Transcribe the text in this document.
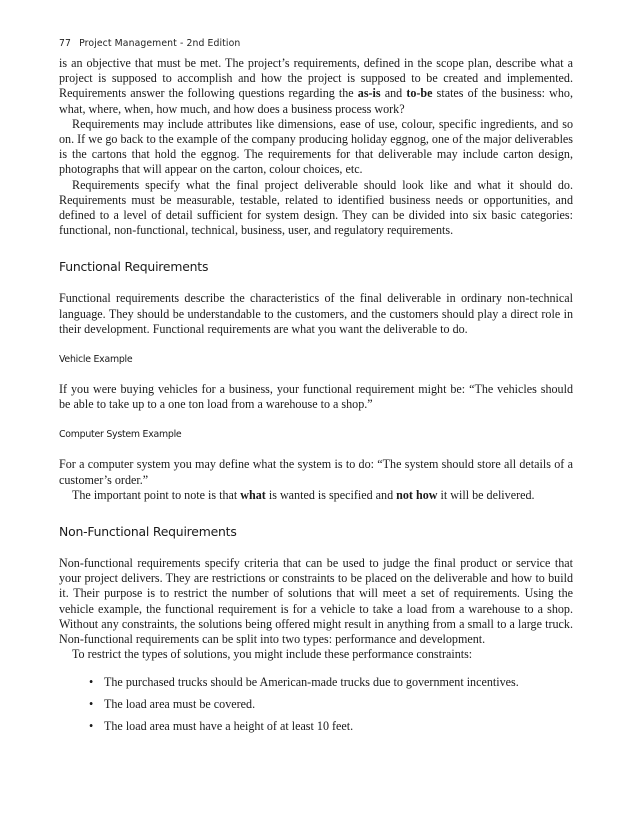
77 Project Management - 2nd Edition

is an objective that must be met. The project’s requirements, defined in the scope plan, describe what a project is supposed to accomplish and how the project is supposed to be created and implemented. Requirements answer the following questions regarding the as-is and to-be states of the business: who, what, where, when, how much, and how does a business process work?

Requirements may include attributes like dimensions, ease of use, colour, specific ingredients, and so on. If we go back to the example of the company producing holiday eggnog, one of the major deliverables is the cartons that hold the eggnog. The requirements for that deliverable may include carton design, photographs that will appear on the carton, colour choices, etc.

Requirements specify what the final project deliverable should look like and what it should do. Requirements must be measurable, testable, related to identified business needs or opportunities, and defined to a level of detail sufficient for system design. They can be divided into six basic categories: functional, non-functional, technical, business, user, and regulatory requirements.

Functional Requirements

Functional requirements describe the characteristics of the final deliverable in ordinary non-technical language. They should be understandable to the customers, and the customers should play a direct role in their development. Functional requirements are what you want the deliverable to do.

Vehicle Example

If you were buying vehicles for a business, your functional requirement might be: “The vehicles should be able to take up to a one ton load from a warehouse to a shop.”

Computer System Example

For a computer system you may define what the system is to do: “The system should store all details of a customer’s order.”

The important point to note is that what is wanted is specified and not how it will be delivered.

Non-Functional Requirements

Non-functional requirements specify criteria that can be used to judge the final product or service that your project delivers. They are restrictions or constraints to be placed on the deliverable and how to build it. Their purpose is to restrict the number of solutions that will meet a set of requirements. Using the vehicle example, the functional requirement is for a vehicle to take a load from a warehouse to a shop. Without any constraints, the solutions being offered might result in anything from a small to a large truck. Non-functional requirements can be split into two types: performance and development.

To restrict the types of solutions, you might include these performance constraints:

• The purchased trucks should be American-made trucks due to government incentives.
• The load area must be covered.
• The load area must have a height of at least 10 feet.
